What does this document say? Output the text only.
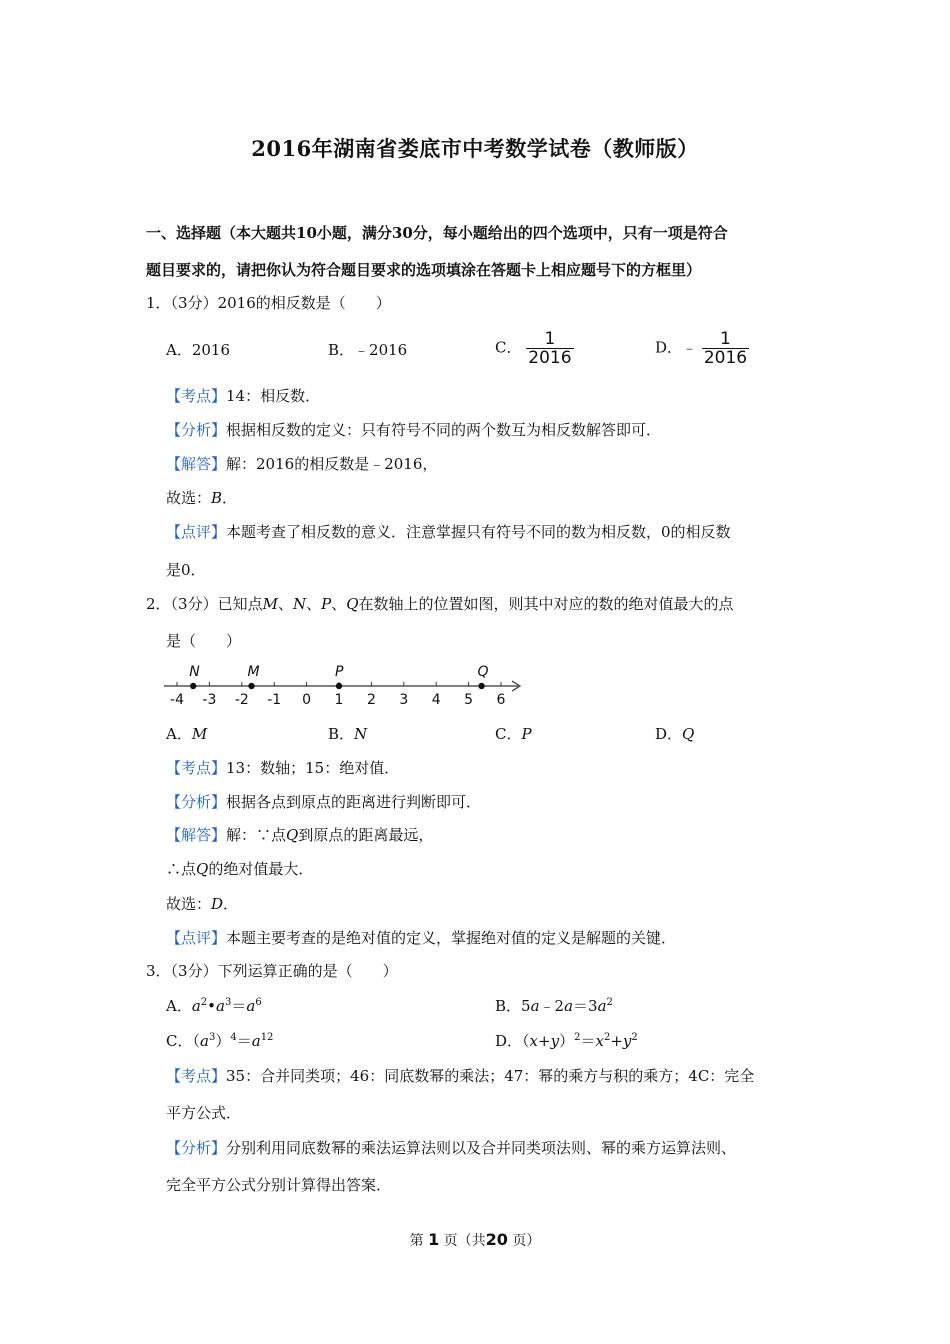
2016年湖南省娄底市中考数学试卷（教师版）
一、选择题（本大题共10小题，满分30分，每小题给出的四个选项中，只有一项是符合
题目要求的，请把你认为符合题目要求的选项填涂在答题卡上相应题号下的方框里）
1．（3分）2016的相反数是（　　）
A．2016	B．﹣2016	C． $\frac{1}{2016}$	D．﹣ $\frac{1}{2016}$
【考点】14：相反数．
【分析】根据相反数的定义：只有符号不同的两个数互为相反数解答即可．
【解答】解：2016的相反数是﹣2016，
故选：B．
【点评】本题考查了相反数的意义．注意掌握只有符号不同的数为相反数，0的相反数
是0．
2．（3分）已知点M、N、P、Q在数轴上的位置如图，则其中对应的数的绝对值最大的点
是（　　）
-4 -3 -2 -1 0 1 2 3 4 5 6
N	M	P	Q
A．M	B．N	C．P	D．Q
【考点】13：数轴；15：绝对值．
【分析】根据各点到原点的距离进行判断即可．
【解答】解：∵点Q到原点的距离最远，
∴点Q的绝对值最大．
故选：D．
【点评】本题主要考查的是绝对值的定义，掌握绝对值的定义是解题的关键．
3．（3分）下列运算正确的是（　　）
A．$a^2•a^3=a^6$	B．$5a﹣2a=3a^2$
C．$(a^3)^4=a^{12}$	D．$(x+y)^2=x^2+y^2$
【考点】35：合并同类项；46：同底数幂的乘法；47：幂的乘方与积的乘方；4C：完全
平方公式．
【分析】分别利用同底数幂的乘法运算法则以及合并同类项法则、幂的乘方运算法则、
完全平方公式分别计算得出答案．
第 1 页（共20 页）
